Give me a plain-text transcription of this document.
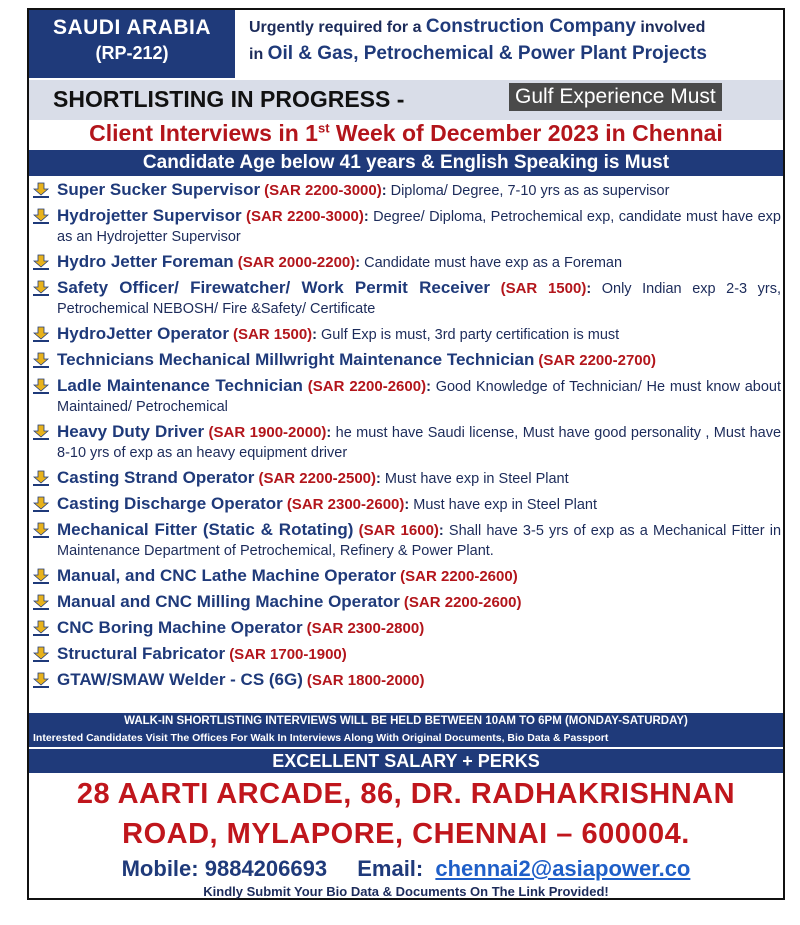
SAUDI ARABIA
(RP-212)
Urgently required for a Construction Company involved
in Oil & Gas, Petrochemical & Power Plant Projects
SHORTLISTING IN PROGRESS -	Gulf Experience Must
Client Interviews in 1st Week of December 2023 in Chennai
Candidate Age below 41 years & English Speaking is Must
Super Sucker Supervisor (SAR 2200-3000): Diploma/ Degree, 7-10 yrs as as supervisor
Hydrojetter Supervisor (SAR 2200-3000): Degree/ Diploma, Petrochemical exp, candidate must have exp as an Hydrojetter Supervisor
Hydro Jetter Foreman (SAR 2000-2200): Candidate must have exp as a Foreman
Safety Officer/ Firewatcher/ Work Permit Receiver (SAR 1500): Only Indian exp 2-3 yrs, Petrochemical NEBOSH/ Fire &Safety/ Certificate
HydroJetter Operator (SAR 1500): Gulf Exp is must, 3rd party certification is must
Technicians Mechanical Millwright Maintenance Technician (SAR 2200-2700)
Ladle Maintenance Technician (SAR 2200-2600): Good Knowledge of Technician/ He must know about Maintained/ Petrochemical
Heavy Duty Driver (SAR 1900-2000): he must have Saudi license, Must have good personality , Must have 8-10 yrs of exp as an heavy equipment driver
Casting Strand Operator (SAR 2200-2500): Must have exp in Steel Plant
Casting Discharge Operator (SAR 2300-2600): Must have exp in Steel Plant
Mechanical Fitter (Static & Rotating) (SAR 1600): Shall have 3-5 yrs of exp as a Mechanical Fitter in Maintenance Department of Petrochemical, Refinery & Power Plant.
Manual, and CNC Lathe Machine Operator (SAR 2200-2600)
Manual and CNC Milling Machine Operator (SAR 2200-2600)
CNC Boring Machine Operator (SAR 2300-2800)
Structural Fabricator (SAR 1700-1900)
GTAW/SMAW Welder - CS (6G) (SAR 1800-2000)
WALK-IN SHORTLISTING INTERVIEWS WILL BE HELD BETWEEN 10AM TO 6PM (MONDAY-SATURDAY)
Interested Candidates Visit The Offices For Walk In Interviews Along With Original Documents, Bio Data & Passport
EXCELLENT SALARY + PERKS
28 AARTI ARCADE, 86, DR. RADHAKRISHNAN
ROAD, MYLAPORE, CHENNAI – 600004.
Mobile: 9884206693 Email: chennai2@asiapower.co
Kindly Submit Your Bio Data & Documents On The Link Provided!
